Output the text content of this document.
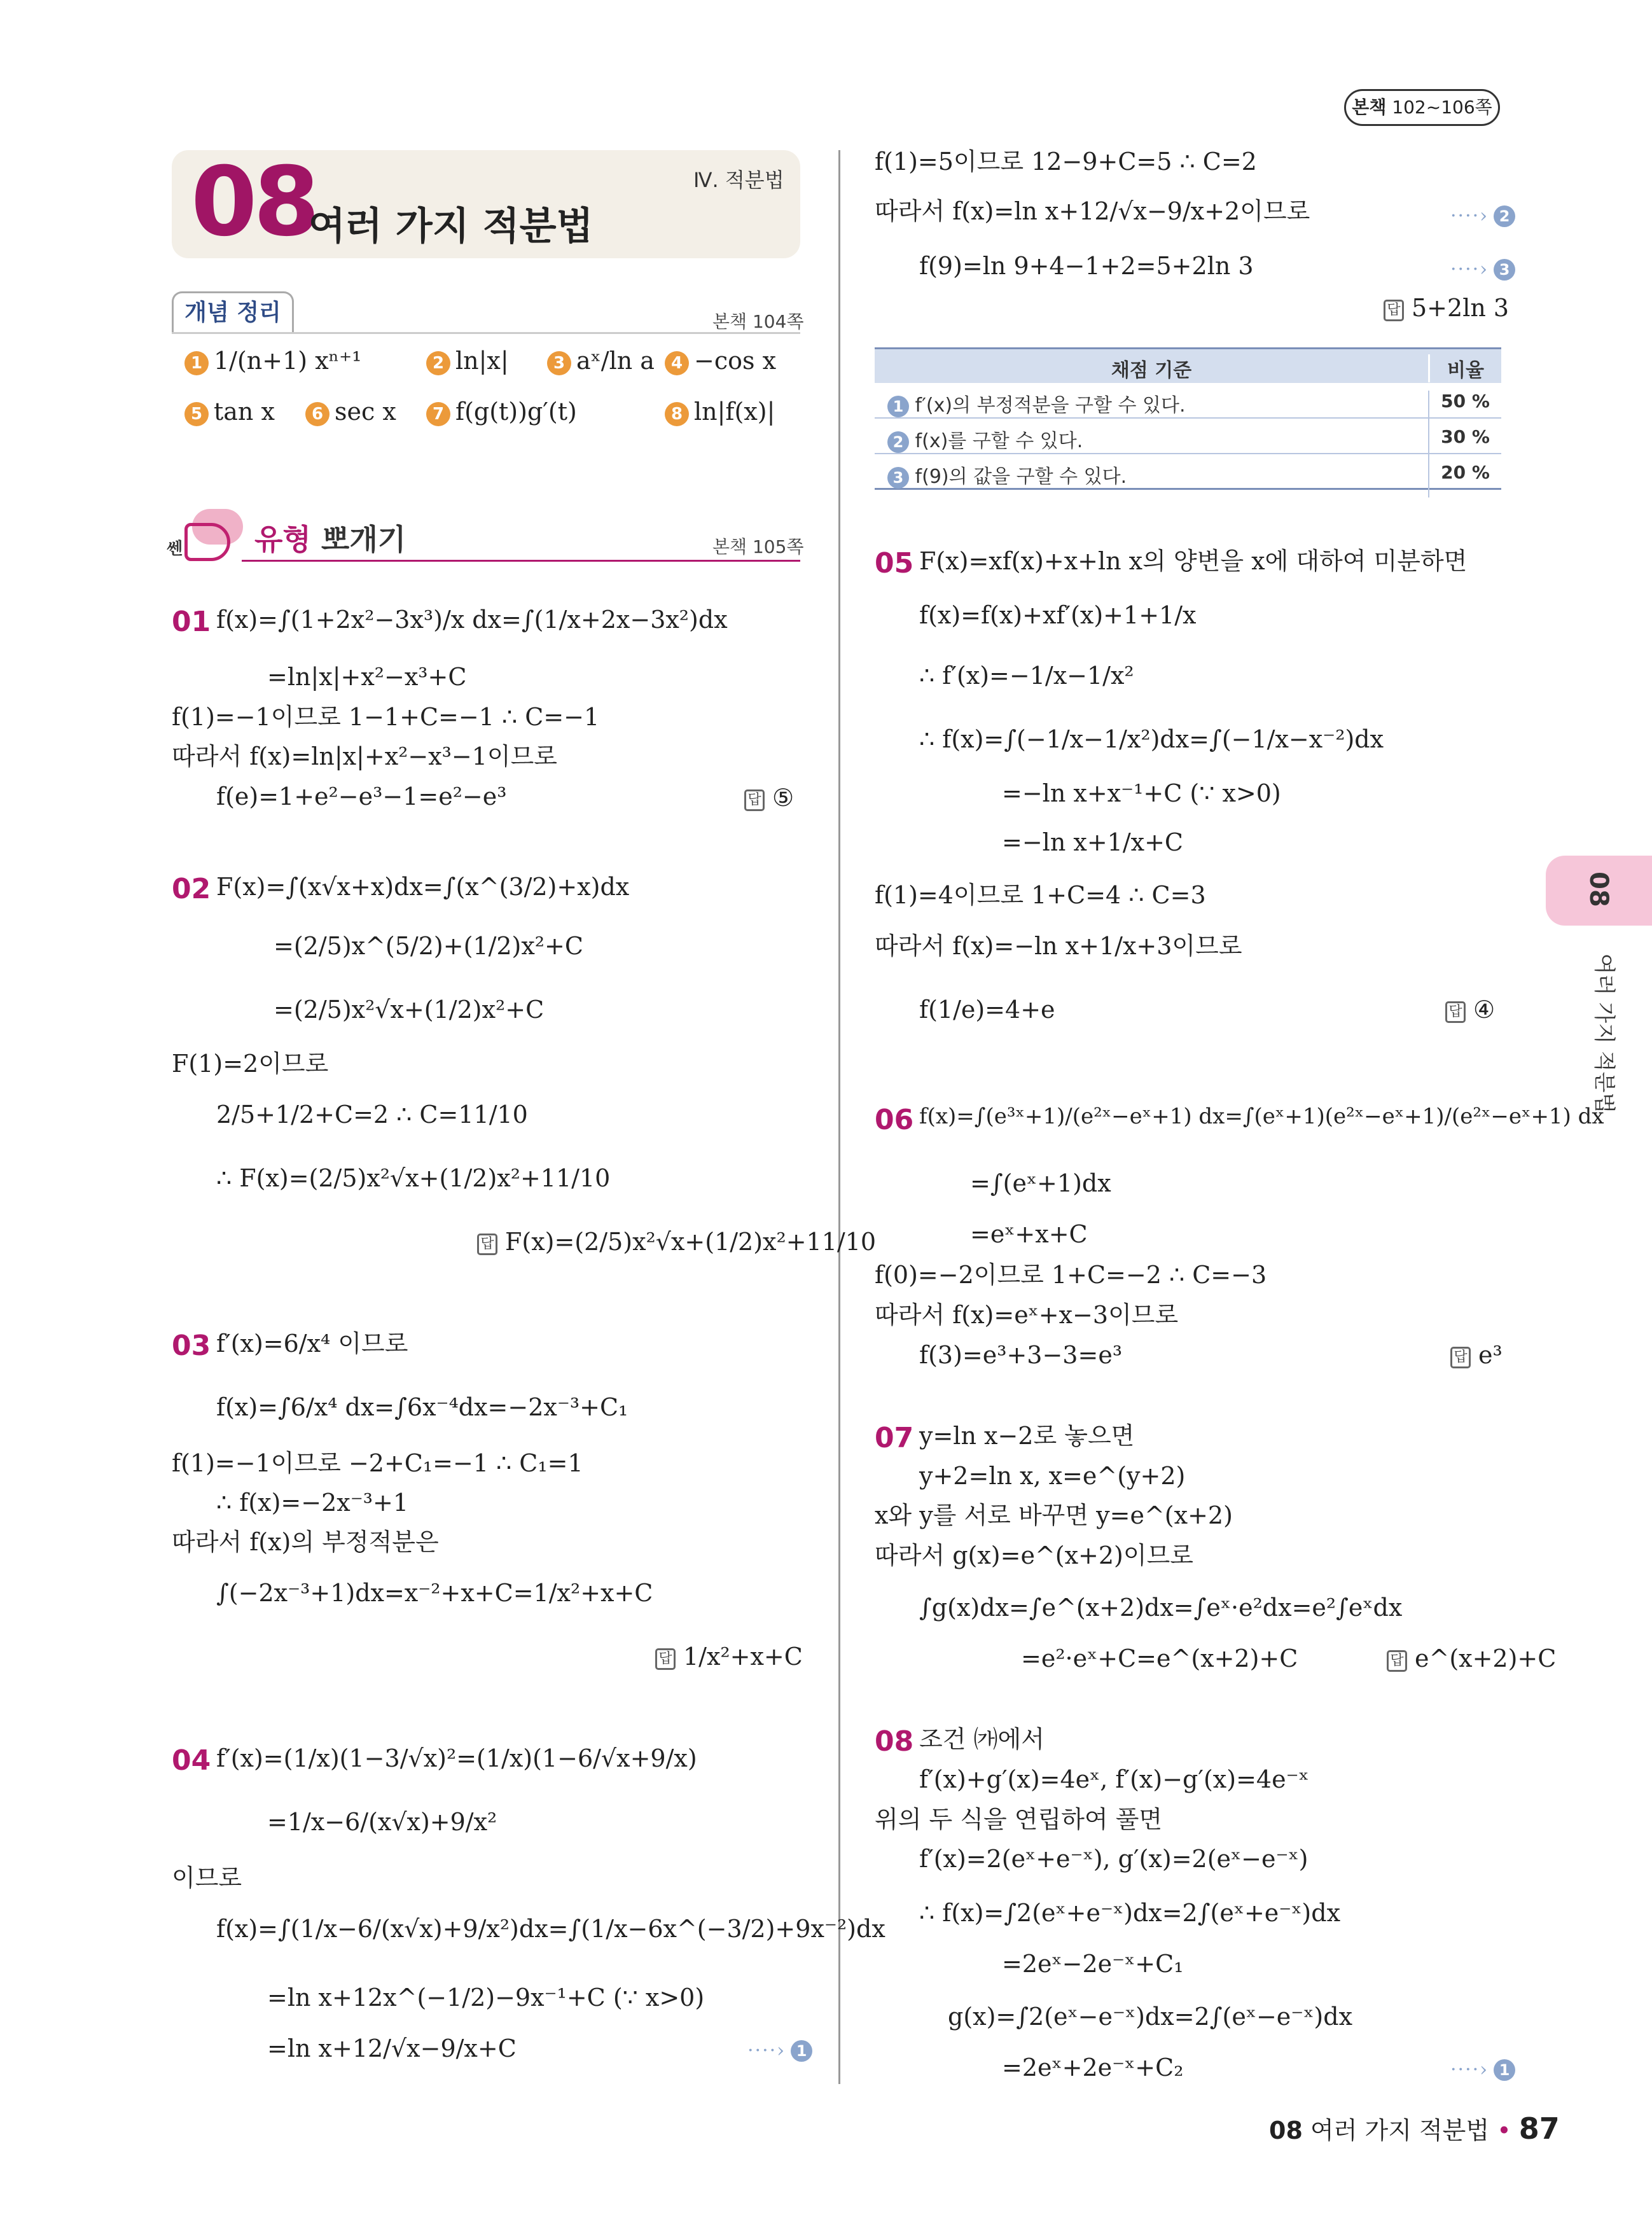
본책 102~106쪽
08
여러 가지 적분법
Ⅳ. 적분법
개념 정리	본책 104쪽
1 1/(n+1) xⁿ⁺¹	2 ln|x|	3 aˣ/ln a	4 −cos x
5 tan x	6 sec x	7 f(g(t))g′(t)	8 ln|f(x)|
쎈 유형 뽀개기	본책 105쪽
01 f(x)=∫(1+2x²−3x³)/x dx=∫(1/x+2x−3x²)dx
=ln|x|+x²−x³+C
f(1)=−1이므로 1−1+C=−1 ∴ C=−1
따라서 f(x)=ln|x|+x²−x³−1이므로
f(e)=1+e²−e³−1=e²−e³	답 ⑤
02 F(x)=∫(x√x+x)dx=∫(x^(3/2)+x)dx
=(2/5)x^(5/2)+(1/2)x²+C
=(2/5)x²√x+(1/2)x²+C
F(1)=2이므로
2/5+1/2+C=2 ∴ C=11/10
∴ F(x)=(2/5)x²√x+(1/2)x²+11/10
답 F(x)=(2/5)x²√x+(1/2)x²+11/10
03 f′(x)=6/x⁴ 이므로
f(x)=∫6/x⁴ dx=∫6x⁻⁴dx=−2x⁻³+C₁
f(1)=−1이므로 −2+C₁=−1 ∴ C₁=1
∴ f(x)=−2x⁻³+1
따라서 f(x)의 부정적분은
∫(−2x⁻³+1)dx=x⁻²+x+C=1/x²+x+C
답 1/x²+x+C
04 f′(x)=(1/x)(1−3/√x)²=(1/x)(1−6/√x+9/x)
=1/x−6/(x√x)+9/x²
이므로
f(x)=∫(1/x−6/(x√x)+9/x²)dx=∫(1/x−6x^(−3/2)+9x⁻²)dx
=ln x+12x^(−1/2)−9x⁻¹+C (∵ x>0)
=ln x+12/√x−9/x+C	····› 1
f(1)=5이므로 12−9+C=5 ∴ C=2
따라서 f(x)=ln x+12/√x−9/x+2이므로	····› 2
f(9)=ln 9+4−1+2=5+2ln 3	····› 3
답 5+2ln 3
채점 기준	비율
1 f′(x)의 부정적분을 구할 수 있다.	50 %
2 f(x)를 구할 수 있다.	30 %
3 f(9)의 값을 구할 수 있다.	20 %
05 F(x)=xf(x)+x+ln x의 양변을 x에 대하여 미분하면
f(x)=f(x)+xf′(x)+1+1/x
∴ f′(x)=−1/x−1/x²
∴ f(x)=∫(−1/x−1/x²)dx=∫(−1/x−x⁻²)dx
=−ln x+x⁻¹+C (∵ x>0)
=−ln x+1/x+C
f(1)=4이므로 1+C=4 ∴ C=3
따라서 f(x)=−ln x+1/x+3이므로
f(1/e)=4+e	답 ④
06 f(x)=∫(e³ˣ+1)/(e²ˣ−eˣ+1) dx=∫(eˣ+1)(e²ˣ−eˣ+1)/(e²ˣ−eˣ+1) dx
=∫(eˣ+1)dx
=eˣ+x+C
f(0)=−2이므로 1+C=−2 ∴ C=−3
따라서 f(x)=eˣ+x−3이므로
f(3)=e³+3−3=e³	답 e³
07 y=ln x−2로 놓으면
y+2=ln x, x=e^(y+2)
x와 y를 서로 바꾸면 y=e^(x+2)
따라서 g(x)=e^(x+2)이므로
∫g(x)dx=∫e^(x+2)dx=∫eˣ·e²dx=e²∫eˣdx
=e²·eˣ+C=e^(x+2)+C	답 e^(x+2)+C
08 조건 ㈎에서
f′(x)+g′(x)=4eˣ, f′(x)−g′(x)=4e⁻ˣ
위의 두 식을 연립하여 풀면
f′(x)=2(eˣ+e⁻ˣ), g′(x)=2(eˣ−e⁻ˣ)
∴ f(x)=∫2(eˣ+e⁻ˣ)dx=2∫(eˣ+e⁻ˣ)dx
=2eˣ−2e⁻ˣ+C₁
g(x)=∫2(eˣ−e⁻ˣ)dx=2∫(eˣ−e⁻ˣ)dx
=2eˣ+2e⁻ˣ+C₂	····› 1
08
여러 가지 적분법
08 여러 가지 적분법 • 87
